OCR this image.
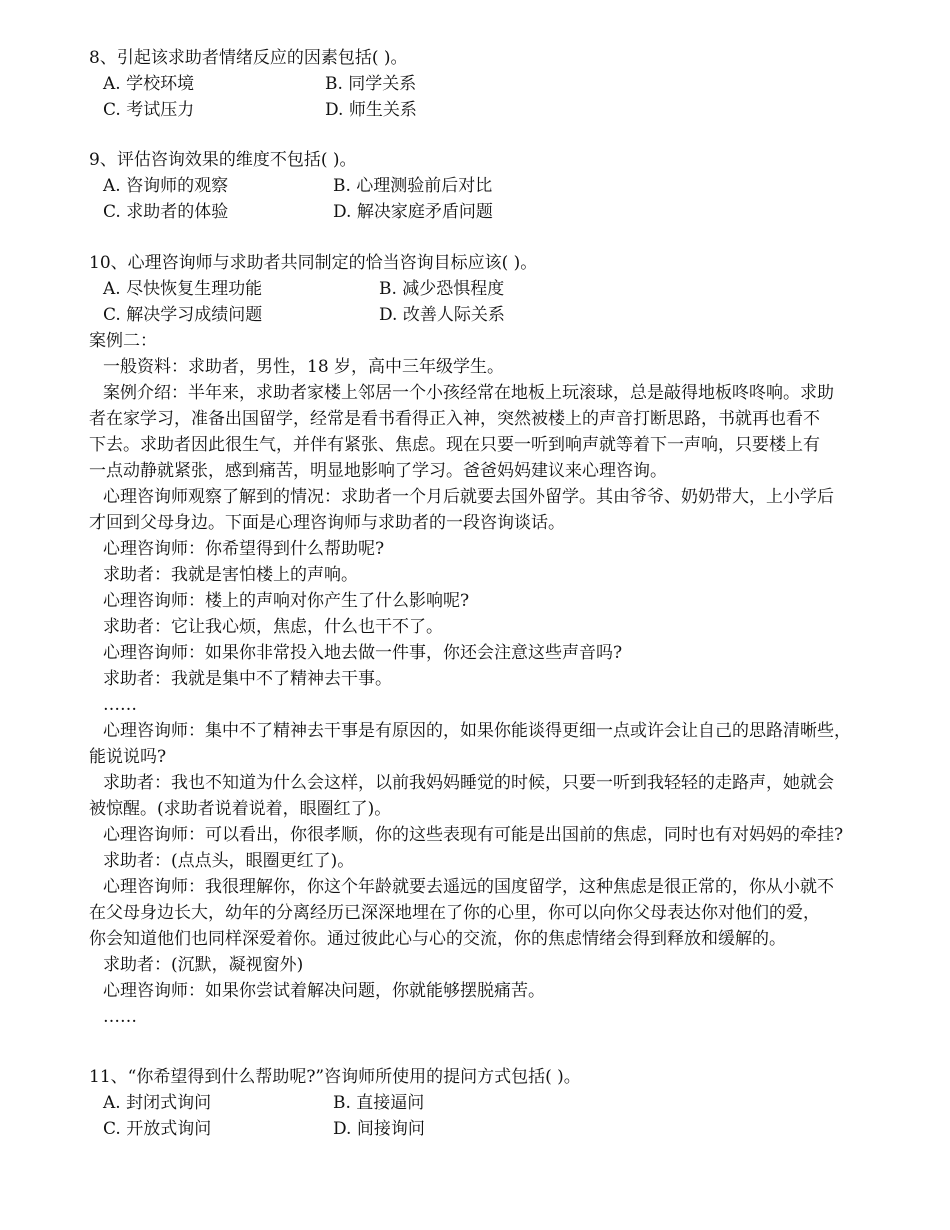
8、引起该求助者情绪反应的因素包括( )。
A. 学校环境	B. 同学关系
C. 考试压力	D. 师生关系
9、评估咨询效果的维度不包括( )。
A. 咨询师的观察	B. 心理测验前后对比
C. 求助者的体验	D. 解决家庭矛盾问题
10、心理咨询师与求助者共同制定的恰当咨询目标应该( )。
A. 尽快恢复生理功能	B. 减少恐惧程度
C. 解决学习成绩问题	D. 改善人际关系
案例二：
一般资料：求助者，男性，18 岁，高中三年级学生。
案例介绍：半年来，求助者家楼上邻居一个小孩经常在地板上玩滚球，总是敲得地板咚咚响。求助
者在家学习，准备出国留学，经常是看书看得正入神，突然被楼上的声音打断思路，书就再也看不
下去。求助者因此很生气，并伴有紧张、焦虑。现在只要一听到响声就等着下一声响，只要楼上有
一点动静就紧张，感到痛苦，明显地影响了学习。爸爸妈妈建议来心理咨询。
心理咨询师观察了解到的情况：求助者一个月后就要去国外留学。其由爷爷、奶奶带大，上小学后
才回到父母身边。下面是心理咨询师与求助者的一段咨询谈话。
心理咨询师：你希望得到什么帮助呢?
求助者：我就是害怕楼上的声响。
心理咨询师：楼上的声响对你产生了什么影响呢?
求助者：它让我心烦，焦虑，什么也干不了。
心理咨询师：如果你非常投入地去做一件事，你还会注意这些声音吗?
求助者：我就是集中不了精神去干事。
……
心理咨询师：集中不了精神去干事是有原因的，如果你能谈得更细一点或许会让自己的思路清晰些，
能说说吗?
求助者：我也不知道为什么会这样，以前我妈妈睡觉的时候，只要一听到我轻轻的走路声，她就会
被惊醒。(求助者说着说着，眼圈红了)。
心理咨询师：可以看出，你很孝顺，你的这些表现有可能是出国前的焦虑，同时也有对妈妈的牵挂?
求助者：(点点头，眼圈更红了)。
心理咨询师：我很理解你，你这个年龄就要去遥远的国度留学，这种焦虑是很正常的，你从小就不
在父母身边长大，幼年的分离经历已深深地埋在了你的心里，你可以向你父母表达你对他们的爱，
你会知道他们也同样深爱着你。通过彼此心与心的交流，你的焦虑情绪会得到释放和缓解的。
求助者：(沉默，凝视窗外)
心理咨询师：如果你尝试着解决问题，你就能够摆脱痛苦。
……
11、“你希望得到什么帮助呢?”咨询师所使用的提问方式包括( )。
A. 封闭式询问	B. 直接逼问
C. 开放式询问	D. 间接询问
